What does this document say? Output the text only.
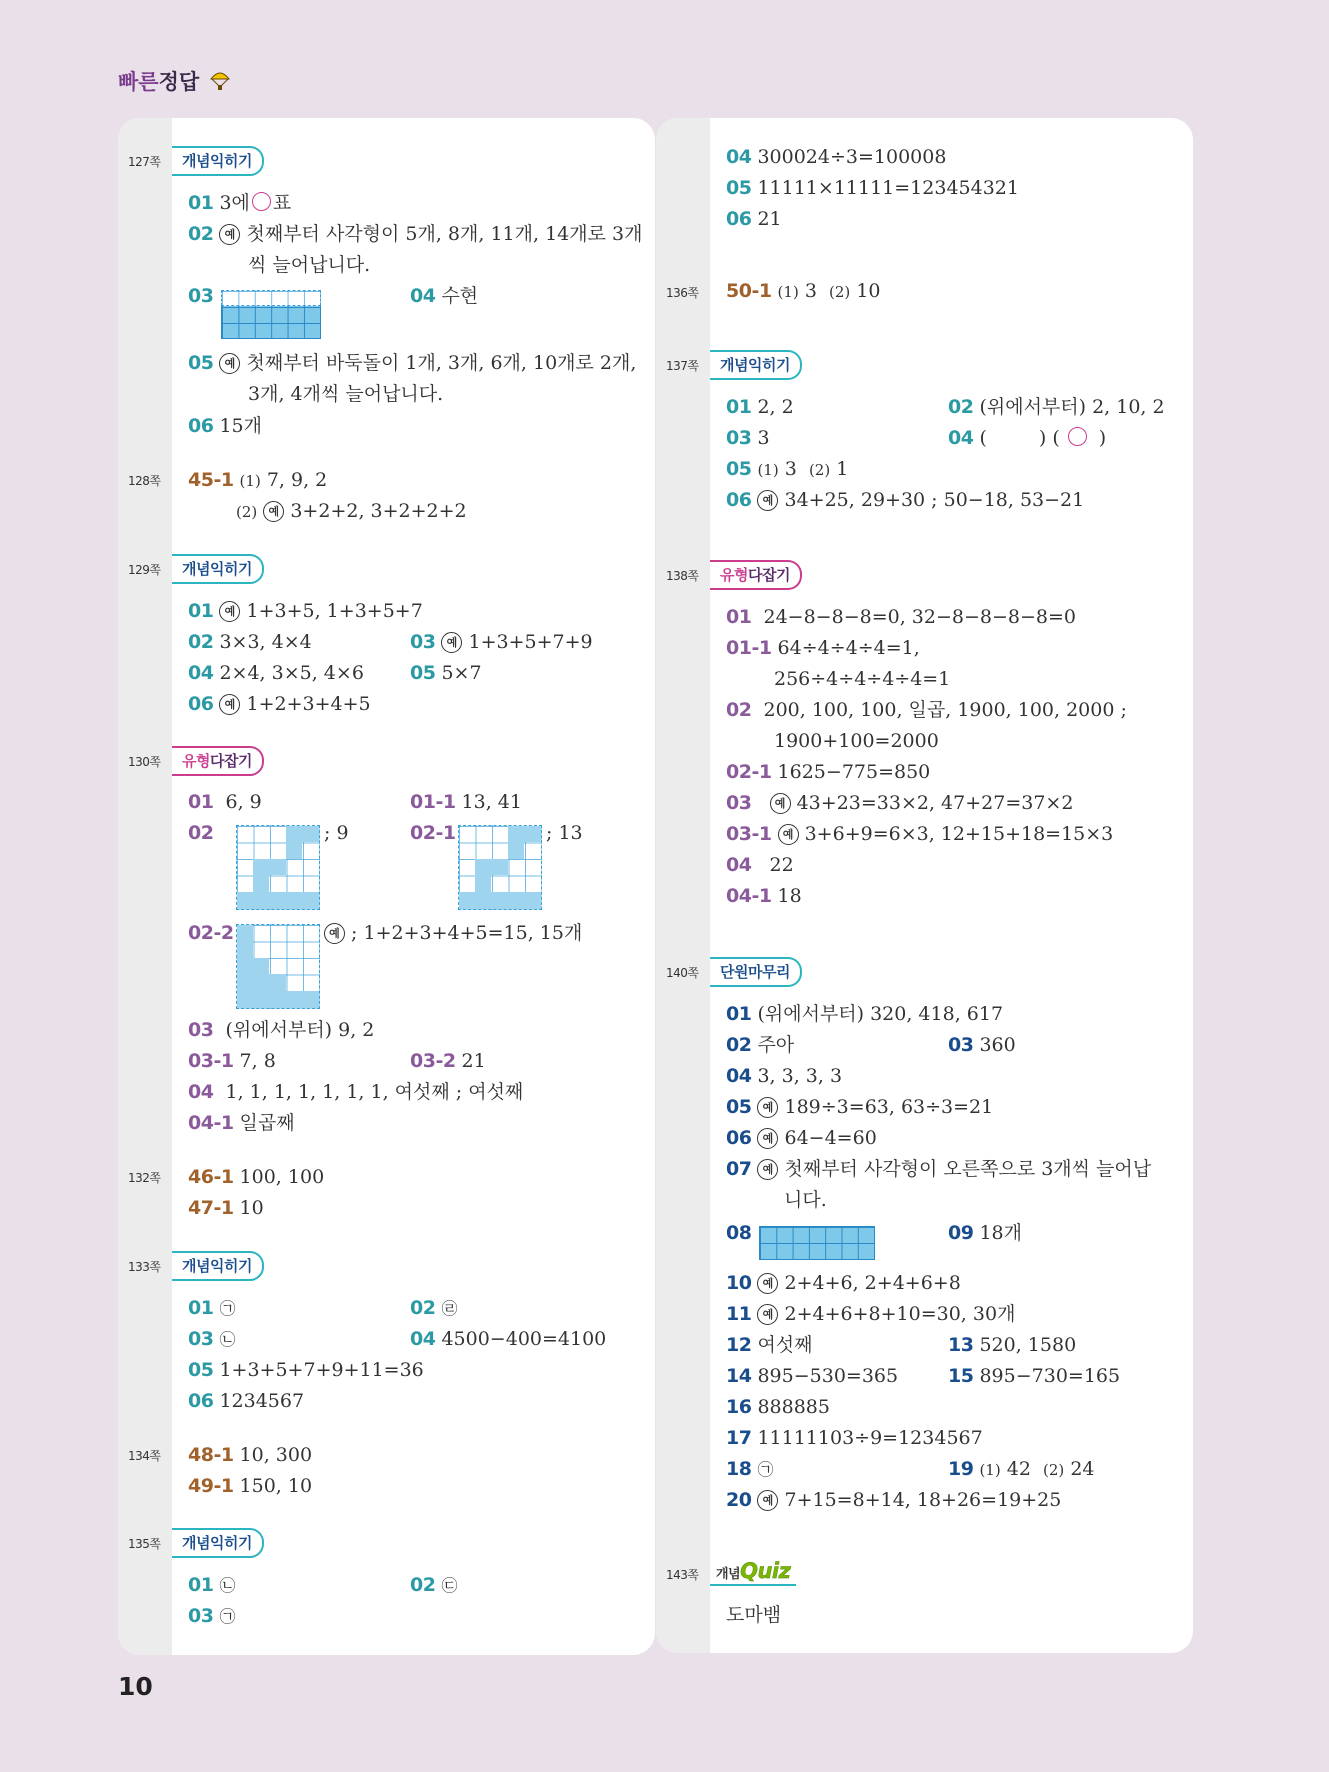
빠른정답
127쪽	개념익히기
01 3에 ○ 표
02 예 첫째부터 사각형이 5개, 8개, 11개, 14개로 3개
씩 늘어납니다.
03	04 수현
05 예 첫째부터 바둑돌이 1개, 3개, 6개, 10개로 2개,
3개, 4개씩 늘어납니다.
06 15개
128쪽	45-1 (1) 7, 9, 2
(2) 예 3+2+2, 3+2+2+2
129쪽	개념익히기
01 예 1+3+5, 1+3+5+7
02 3×3, 4×4	03 예 1+3+5+7+9
04 2×4, 3×5, 4×6 05 5×7
06 예 1+2+3+4+5
130쪽	유형다잡기
01 6, 9	01-1 13, 41
02	; 9	02-1	; 13
02-2	예 ; 1+2+3+4+5=15, 15개
03 (위에서부터) 9, 2
03-1 7, 8	03-2 21
04 1, 1, 1, 1, 1, 1, 1, 여섯째 ; 여섯째
04-1 일곱째
132쪽	46-1 100, 100
47-1 10
133쪽	개념익히기
01 ㉠	02 ㉣
03 ㉡	04 4500−400=4100
05 1+3+5+7+9+11=36
06 1234567
134쪽	48-1 10, 300
49-1 150, 10
135쪽	개념익히기
01 ㉡	02 ㉢
03 ㉠
04 300024÷3=100008
05 11111×11111=123454321
06 21
136쪽	50-1 (1) 3 (2) 10
137쪽	개념익히기
01 2, 2	02 (위에서부터) 2, 10, 2
03 3	04 (	) ( ○ )
05 (1) 3 (2) 1
06 예 34+25, 29+30 ; 50−18, 53−21
138쪽	유형다잡기
01 24−8−8−8=0, 32−8−8−8−8=0
01-1 64÷4÷4÷4=1,
256÷4÷4÷4÷4=1
02 200, 100, 100, 일곱, 1900, 100, 2000 ;
1900+100=2000
02-1 1625−775=850
03 예 43+23=33×2, 47+27=37×2
03-1 예 3+6+9=6×3, 12+15+18=15×3
04 22
04-1 18
140쪽	단원마무리
01 (위에서부터) 320, 418, 617
02 주아	03 360
04 3, 3, 3, 3
05 예 189÷3=63, 63÷3=21
06 예 64−4=60
07 예 첫째부터 사각형이 오른쪽으로 3개씩 늘어납
니다.
08	09 18개
10 예 2+4+6, 2+4+6+8
11 예 2+4+6+8+10=30, 30개
12 여섯째	13 520, 1580
14 895−530=365	15 895−730=165
16 888885
17 11111103÷9=1234567
18 ㉠	19 (1) 42 (2) 24
20 예 7+15=8+14, 18+26=19+25
143쪽	개념Quiz
도마뱀
10
